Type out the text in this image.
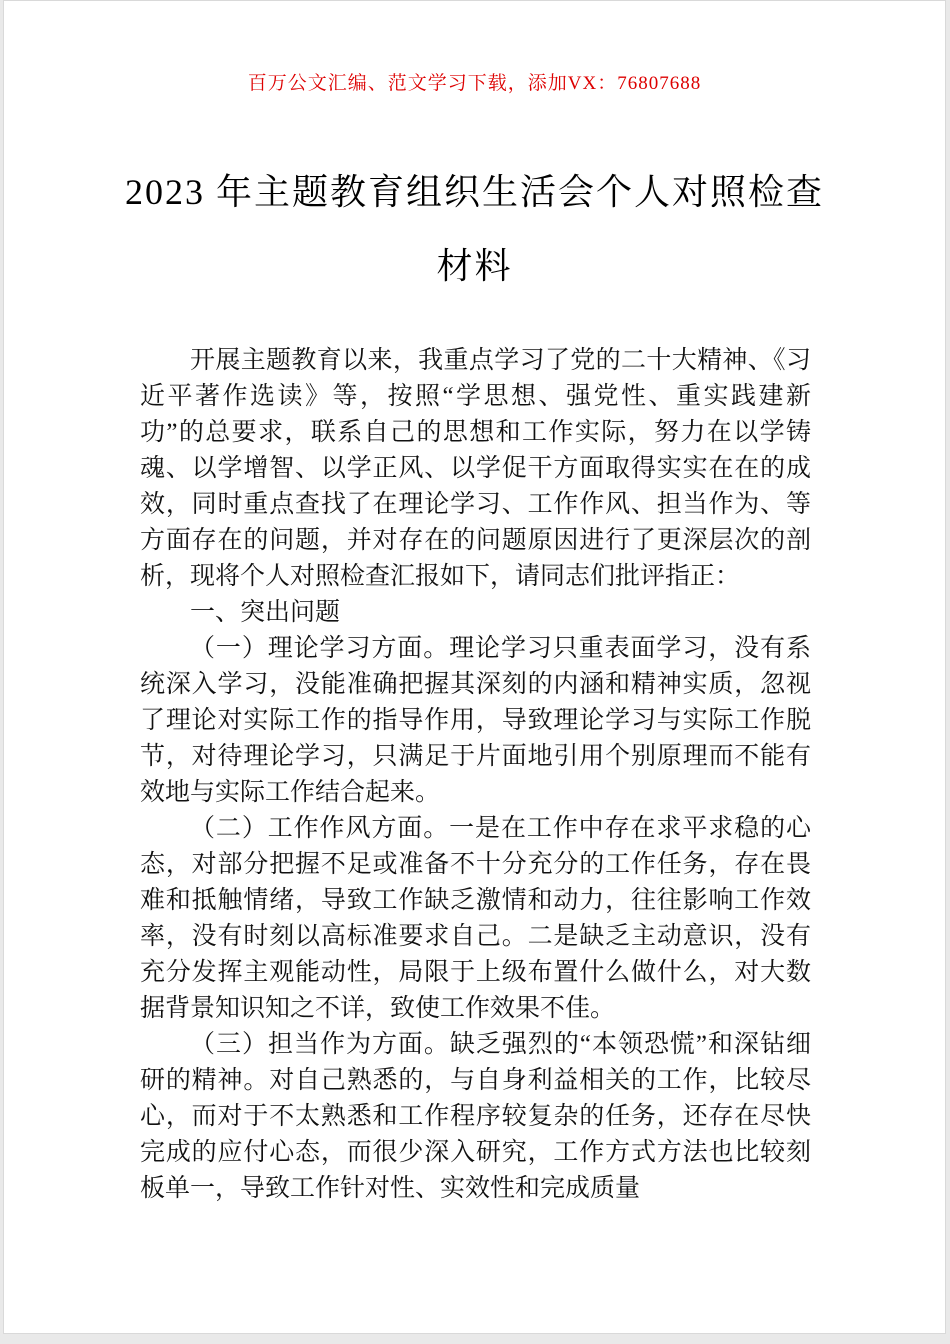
百万公文汇编、范文学习下载，添加VX：76807688
2023 年主题教育组织生活会个人对照检查
材料

开展主题教育以来，我重点学习了党的二十大精神、《习近平著作选读》等，按照“学思想、强党性、重实践建新功”的总要求，联系自己的思想和工作实际，努力在以学铸魂、以学增智、以学正风、以学促干方面取得实实在在的成效，同时重点查找了在理论学习、工作作风、担当作为、等方面存在的问题，并对存在的问题原因进行了更深层次的剖析，现将个人对照检查汇报如下，请同志们批评指正：

一、突出问题

（一）理论学习方面。理论学习只重表面学习，没有系统深入学习，没能准确把握其深刻的内涵和精神实质，忽视了理论对实际工作的指导作用，导致理论学习与实际工作脱节，对待理论学习，只满足于片面地引用个别原理而不能有效地与实际工作结合起来。

（二）工作作风方面。一是在工作中存在求平求稳的心态，对部分把握不足或准备不十分充分的工作任务，存在畏难和抵触情绪，导致工作缺乏激情和动力，往往影响工作效率，没有时刻以高标准要求自己。二是缺乏主动意识，没有充分发挥主观能动性，局限于上级布置什么做什么，对大数据背景知识知之不详，致使工作效果不佳。

（三）担当作为方面。缺乏强烈的“本领恐慌”和深钻细研的精神。对自己熟悉的，与自身利益相关的工作，比较尽心，而对于不太熟悉和工作程序较复杂的任务，还存在尽快完成的应付心态，而很少深入研究，工作方式方法也比较刻板单一，导致工作针对性、实效性和完成质量
